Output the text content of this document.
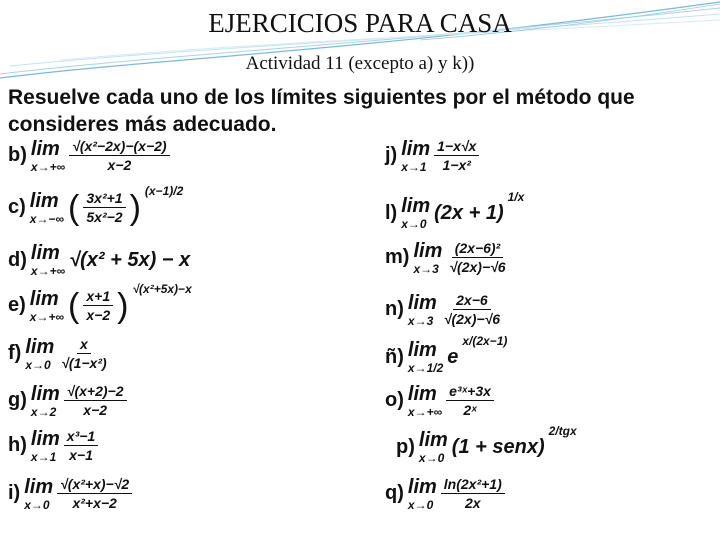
EJERCICIOS PARA CASA
Actividad 11 (excepto a) y k))
Resuelve cada uno de los límites siguientes por el método que consideres más adecuado.
b) lim
$x\to+\infty \frac{\text{√(x²−2x)−(x−2)}}{x-2}$
c) lim
x→−∞ ( $\frac{\text{3x²+1}}{\text{5x²−2}}$ ) (x−1)/2
d) lim
x→+∞
√(x² + 5x) − x
e) lim
x→+∞ ( $\frac{x+1}{x-2}$ ) √(x²+5x)−x
f) lim
$x\to 0 \frac{x}{\text{√(1−x²)}}$
g) lim
$x\to 2 \frac{√(x+2)-2}{x-2}$
h) lim
$x\to 1 \frac{\text{x³−1}}{x-1}$
i) lim
$x\to 0 \frac{\text{√(x²+x)−√2}}{\text{x²+x−2}}$
j) lim
$x\to 1 \frac{1-x√x}{\text{1−x²}}$
l) lim
x→0
(2x + 1)
1/x
m) lim
$x\to 3 \frac{\text{(2x−6)²}}{√(2x)-√6}$
n) lim
$x\to 3 \frac{2x-6}{√(2x)-√6}$
ñ) lim
x→1/2
e
x/(2x−1)
o) lim
$x\to+\infty \frac{\text{e³ˣ+3x}}{\text{2ˣ}}$
p) lim
x→0
(1 + senx)
2/tgx
q) lim
$x\to 0 \frac{\text{ln(2x²+1)}}{2x}$
